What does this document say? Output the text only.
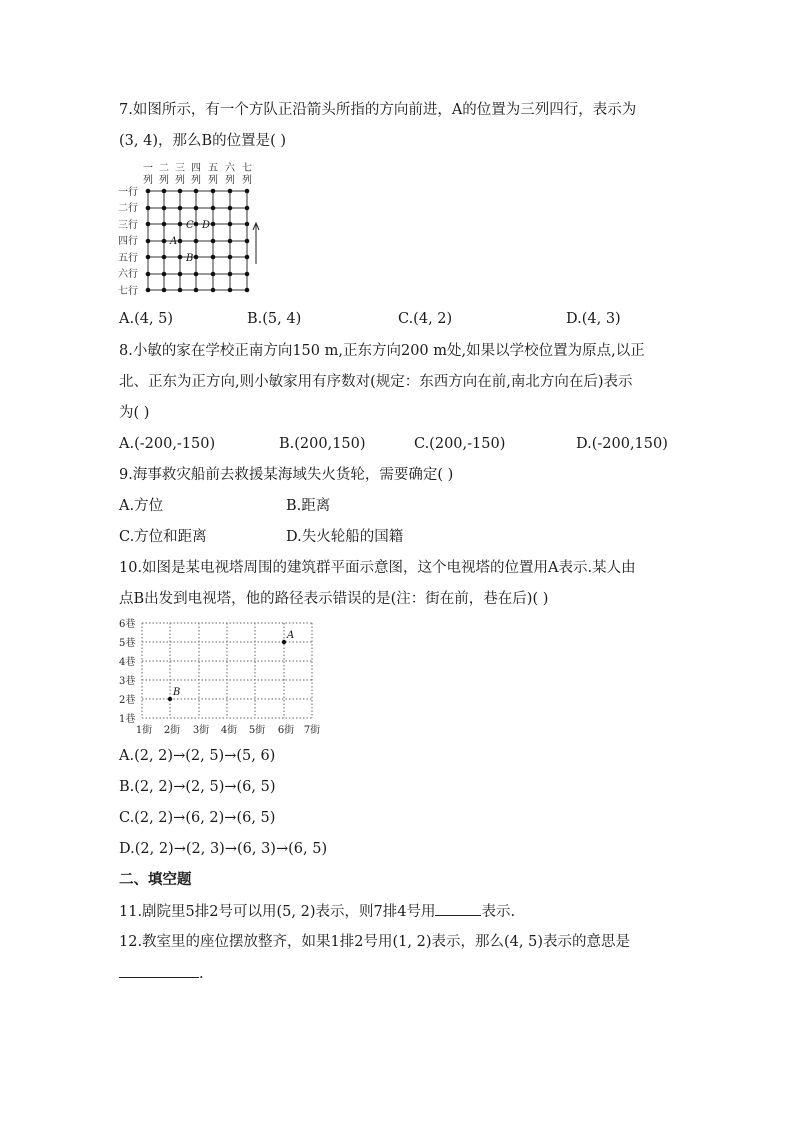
7.如图所示，有一个方队正沿箭头所指的方向前进，A的位置为三列四行，表示为
(3, 4)，那么B的位置是( )
一
列
二
列
三
列
四
列
五
列
六
列
七
列
一行
二行
三行
四行
五行
六行
七行
C D
A
B
A.(4, 5)	B.(5, 4)	C.(4, 2)	D.(4, 3)
8.小敏的家在学校正南方向150 m,正东方向200 m处,如果以学校位置为原点,以正
北、正东为正方向,则小敏家用有序数对(规定：东西方向在前,南北方向在后)表示
为( )
A.(-200,-150)	B.(200,150)	C.(200,-150)	D.(-200,150)
9.海事救灾船前去救援某海域失火货轮，需要确定( )
A.方位	B.距离
C.方位和距离	D.失火轮船的国籍
10.如图是某电视塔周围的建筑群平面示意图，这个电视塔的位置用A表示.某人由
点B出发到电视塔，他的路径表示错误的是(注：街在前，巷在后)( )
6巷
5巷
4巷
3巷
2巷
1巷
1街 2街 3街 4街 5街 6街 7街
A
B
A.(2, 2)→(2, 5)→(5, 6)
B.(2, 2)→(2, 5)→(6, 5)
C.(2, 2)→(6, 2)→(6, 5)
D.(2, 2)→(2, 3)→(6, 3)→(6, 5)
二、填空题
11.剧院里5排2号可以用(5, 2)表示，则7排4号用	表示.
12.教室里的座位摆放整齐，如果1排2号用(1, 2)表示，那么(4, 5)表示的意思是
.
